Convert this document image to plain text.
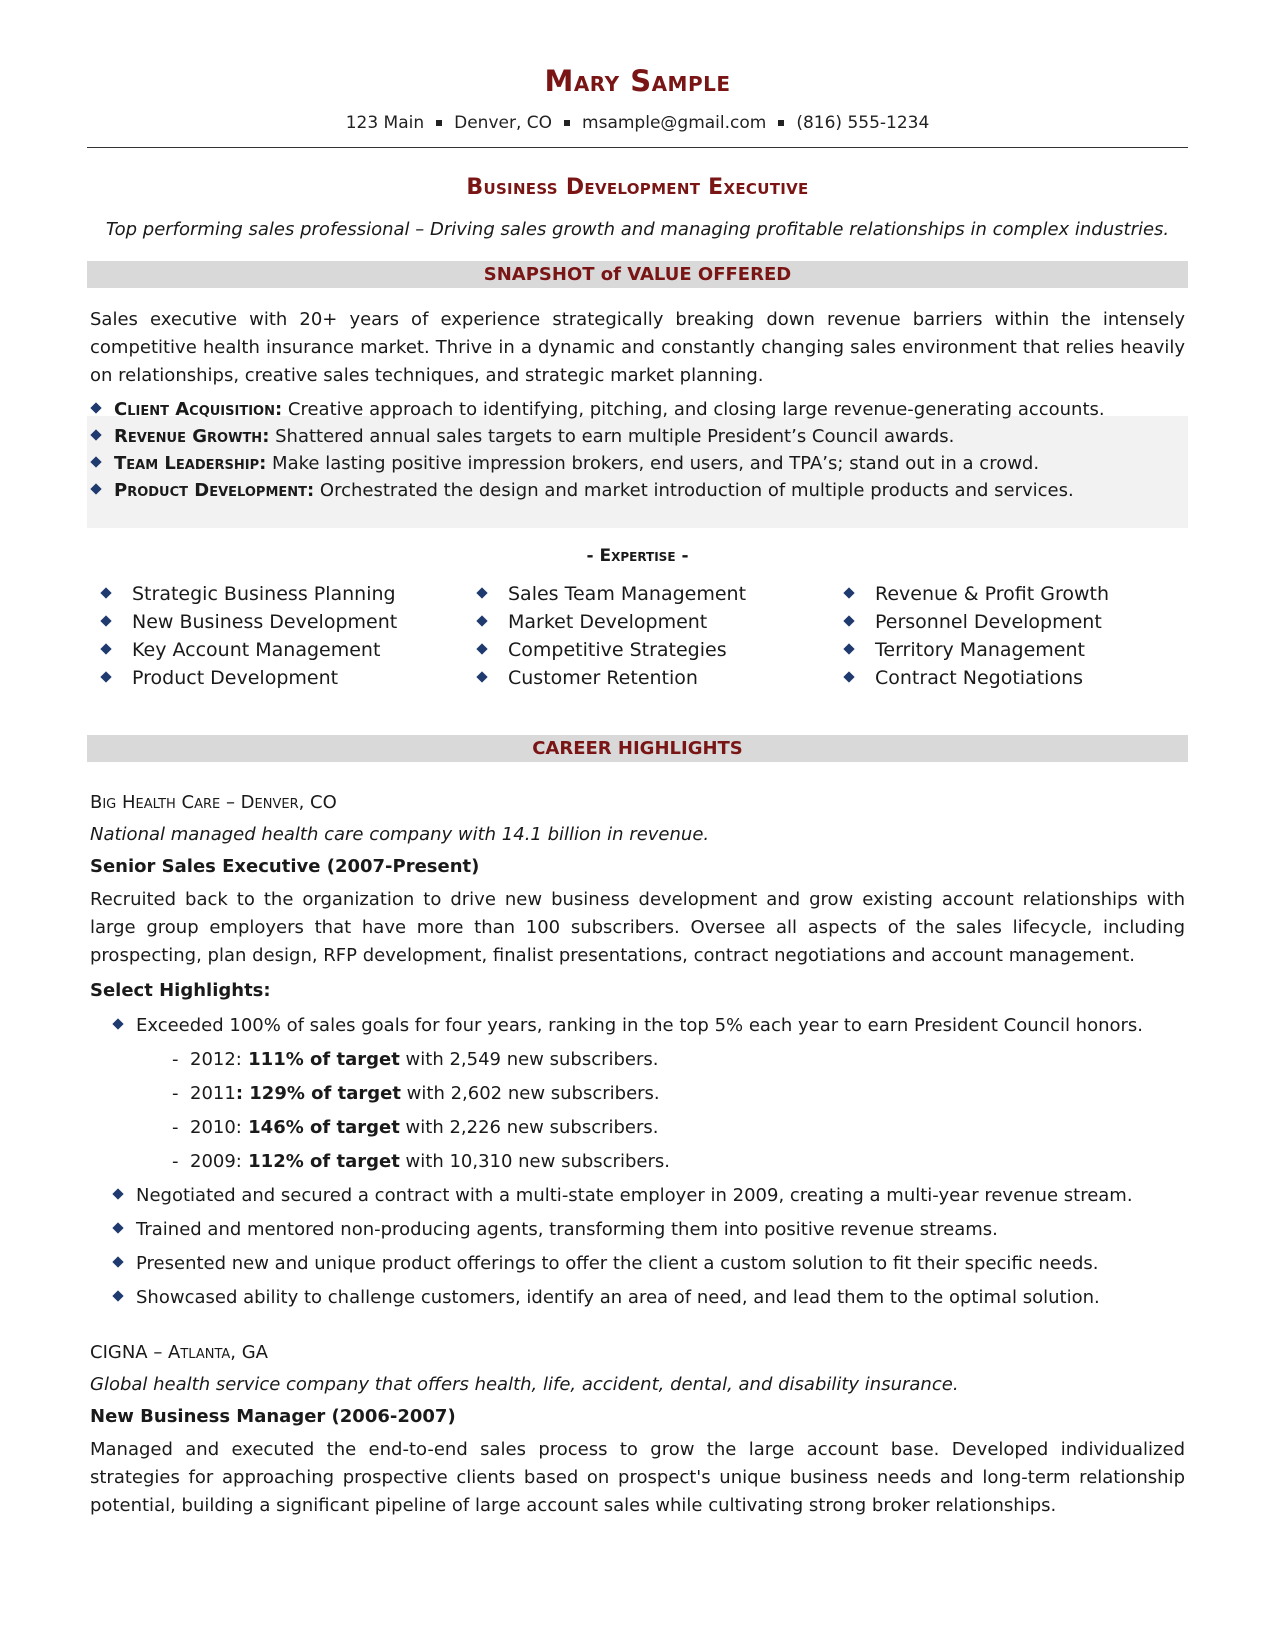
Mary Sample
123 Main Denver, CO msample@gmail.com (816) 555-1234
Business Development Executive
Top performing sales professional – Driving sales growth and managing profitable relationships in complex industries.
SNAPSHOT of VALUE OFFERED
Sales executive with 20+ years of experience strategically breaking down revenue barriers within the intensely competitive health insurance market. Thrive in a dynamic and constantly changing sales environment that relies heavily on relationships, creative sales techniques, and strategic market planning.
Client Acquisition: Creative approach to identifying, pitching, and closing large revenue-generating accounts.
Revenue Growth: Shattered annual sales targets to earn multiple President’s Council awards.
Team Leadership: Make lasting positive impression brokers, end users, and TPA’s; stand out in a crowd.
Product Development: Orchestrated the design and market introduction of multiple products and services.
- Expertise -
Strategic Business Planning
New Business Development
Key Account Management
Product Development
Sales Team Management
Market Development
Competitive Strategies
Customer Retention
Revenue & Profit Growth
Personnel Development
Territory Management
Contract Negotiations
CAREER HIGHLIGHTS
Big Health Care – Denver, CO
National managed health care company with 14.1 billion in revenue.
Senior Sales Executive (2007-Present)
Recruited back to the organization to drive new business development and grow existing account relationships with large group employers that have more than 100 subscribers. Oversee all aspects of the sales lifecycle, including prospecting, plan design, RFP development, finalist presentations, contract negotiations and account management.
Select Highlights:
Exceeded 100% of sales goals for four years, ranking in the top 5% each year to earn President Council honors.
- 2012: 111% of target with 2,549 new subscribers.
- 2011: 129% of target with 2,602 new subscribers.
- 2010: 146% of target with 2,226 new subscribers.
- 2009: 112% of target with 10,310 new subscribers.
Negotiated and secured a contract with a multi-state employer in 2009, creating a multi-year revenue stream.
Trained and mentored non-producing agents, transforming them into positive revenue streams.
Presented new and unique product offerings to offer the client a custom solution to fit their specific needs.
Showcased ability to challenge customers, identify an area of need, and lead them to the optimal solution.
CIGNA – Atlanta, GA
Global health service company that offers health, life, accident, dental, and disability insurance.
New Business Manager (2006-2007)
Managed and executed the end-to-end sales process to grow the large account base. Developed individualized strategies for approaching prospective clients based on prospect's unique business needs and long-term relationship potential, building a significant pipeline of large account sales while cultivating strong broker relationships.
